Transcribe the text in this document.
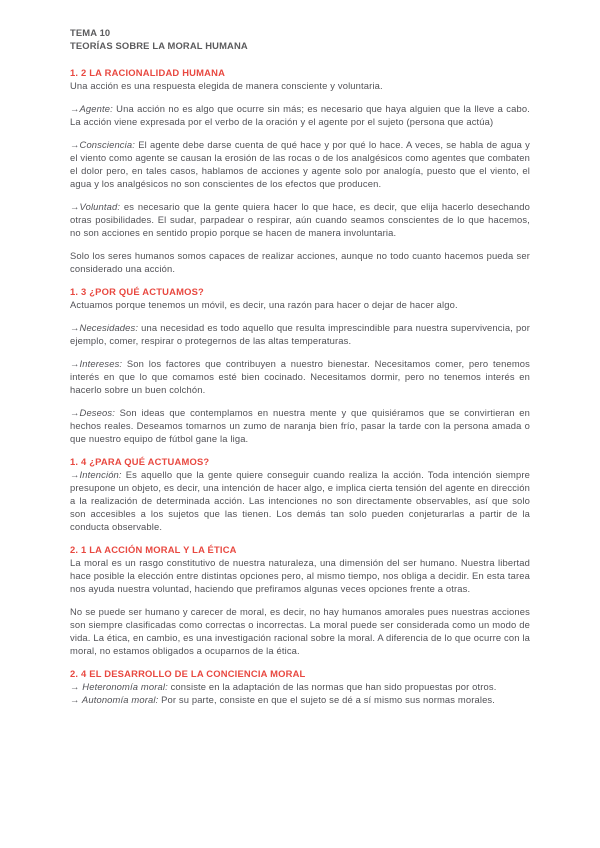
TEMA 10
TEORÍAS SOBRE LA MORAL HUMANA
1. 2 LA RACIONALIDAD HUMANA

Una acción es una respuesta elegida de manera consciente y voluntaria.

→Agente: Una acción no es algo que ocurre sin más; es necesario que haya alguien que la lleve a cabo. La acción viene expresada por el verbo de la oración y el agente por el sujeto (persona que actúa)

→Consciencia: El agente debe darse cuenta de qué hace y por qué lo hace. A veces, se habla de agua y el viento como agente se causan la erosión de las rocas o de los analgésicos como agentes que combaten el dolor pero, en tales casos, hablamos de acciones y agente solo por analogía, puesto que el viento, el agua y los analgésicos no son conscientes de los efectos que producen.

→Voluntad: es necesario que la gente quiera hacer lo que hace, es decir, que elija hacerlo desechando otras posibilidades. El sudar, parpadear o respirar, aún cuando seamos conscientes de lo que hacemos, no son acciones en sentido propio porque se hacen de manera involuntaria.

Solo los seres humanos somos capaces de realizar acciones, aunque no todo cuanto hacemos pueda ser considerado una acción.

1. 3 ¿POR QUÉ ACTUAMOS?

Actuamos porque tenemos un móvil, es decir, una razón para hacer o dejar de hacer algo.

→Necesidades: una necesidad es todo aquello que resulta imprescindible para nuestra supervivencia, por ejemplo, comer, respirar o protegernos de las altas temperaturas.

→Intereses: Son los factores que contribuyen a nuestro bienestar. Necesitamos comer, pero tenemos interés en que lo que comamos esté bien cocinado. Necesitamos dormir, pero no tenemos interés en hacerlo sobre un buen colchón.

→Deseos: Son ideas que contemplamos en nuestra mente y que quisiéramos que se convirtieran en hechos reales. Deseamos tomarnos un zumo de naranja bien frío, pasar la tarde con la persona amada o que nuestro equipo de fútbol gane la liga.

1. 4 ¿PARA QUÉ ACTUAMOS?

→Intención: Es aquello que la gente quiere conseguir cuando realiza la acción. Toda intención siempre presupone un objeto, es decir, una intención de hacer algo, e implica cierta tensión del agente en dirección a la realización de determinada acción. Las intenciones no son directamente observables, así que solo son accesibles a los sujetos que las tienen. Los demás tan solo pueden conjeturarlas a partir de la conducta observable.

2. 1 LA ACCIÓN MORAL Y LA ÉTICA

La moral es un rasgo constitutivo de nuestra naturaleza, una dimensión del ser humano. Nuestra libertad hace posible la elección entre distintas opciones pero, al mismo tiempo, nos obliga a decidir. En esta tarea nos ayuda nuestra voluntad, haciendo que prefiramos algunas veces opciones frente a otras.

No se puede ser humano y carecer de moral, es decir, no hay humanos amorales pues nuestras acciones son siempre clasificadas como correctas o incorrectas. La moral puede ser considerada como un modo de vida. La ética, en cambio, es una investigación racional sobre la moral. A diferencia de lo que ocurre con la moral, no estamos obligados a ocuparnos de la ética.

2. 4 EL DESARROLLO DE LA CONCIENCIA MORAL

→ Heteronomía moral: consiste en la adaptación de las normas que han sido propuestas por otros.

→ Autonomía moral: Por su parte, consiste en que el sujeto se dé a sí mismo sus normas morales.
